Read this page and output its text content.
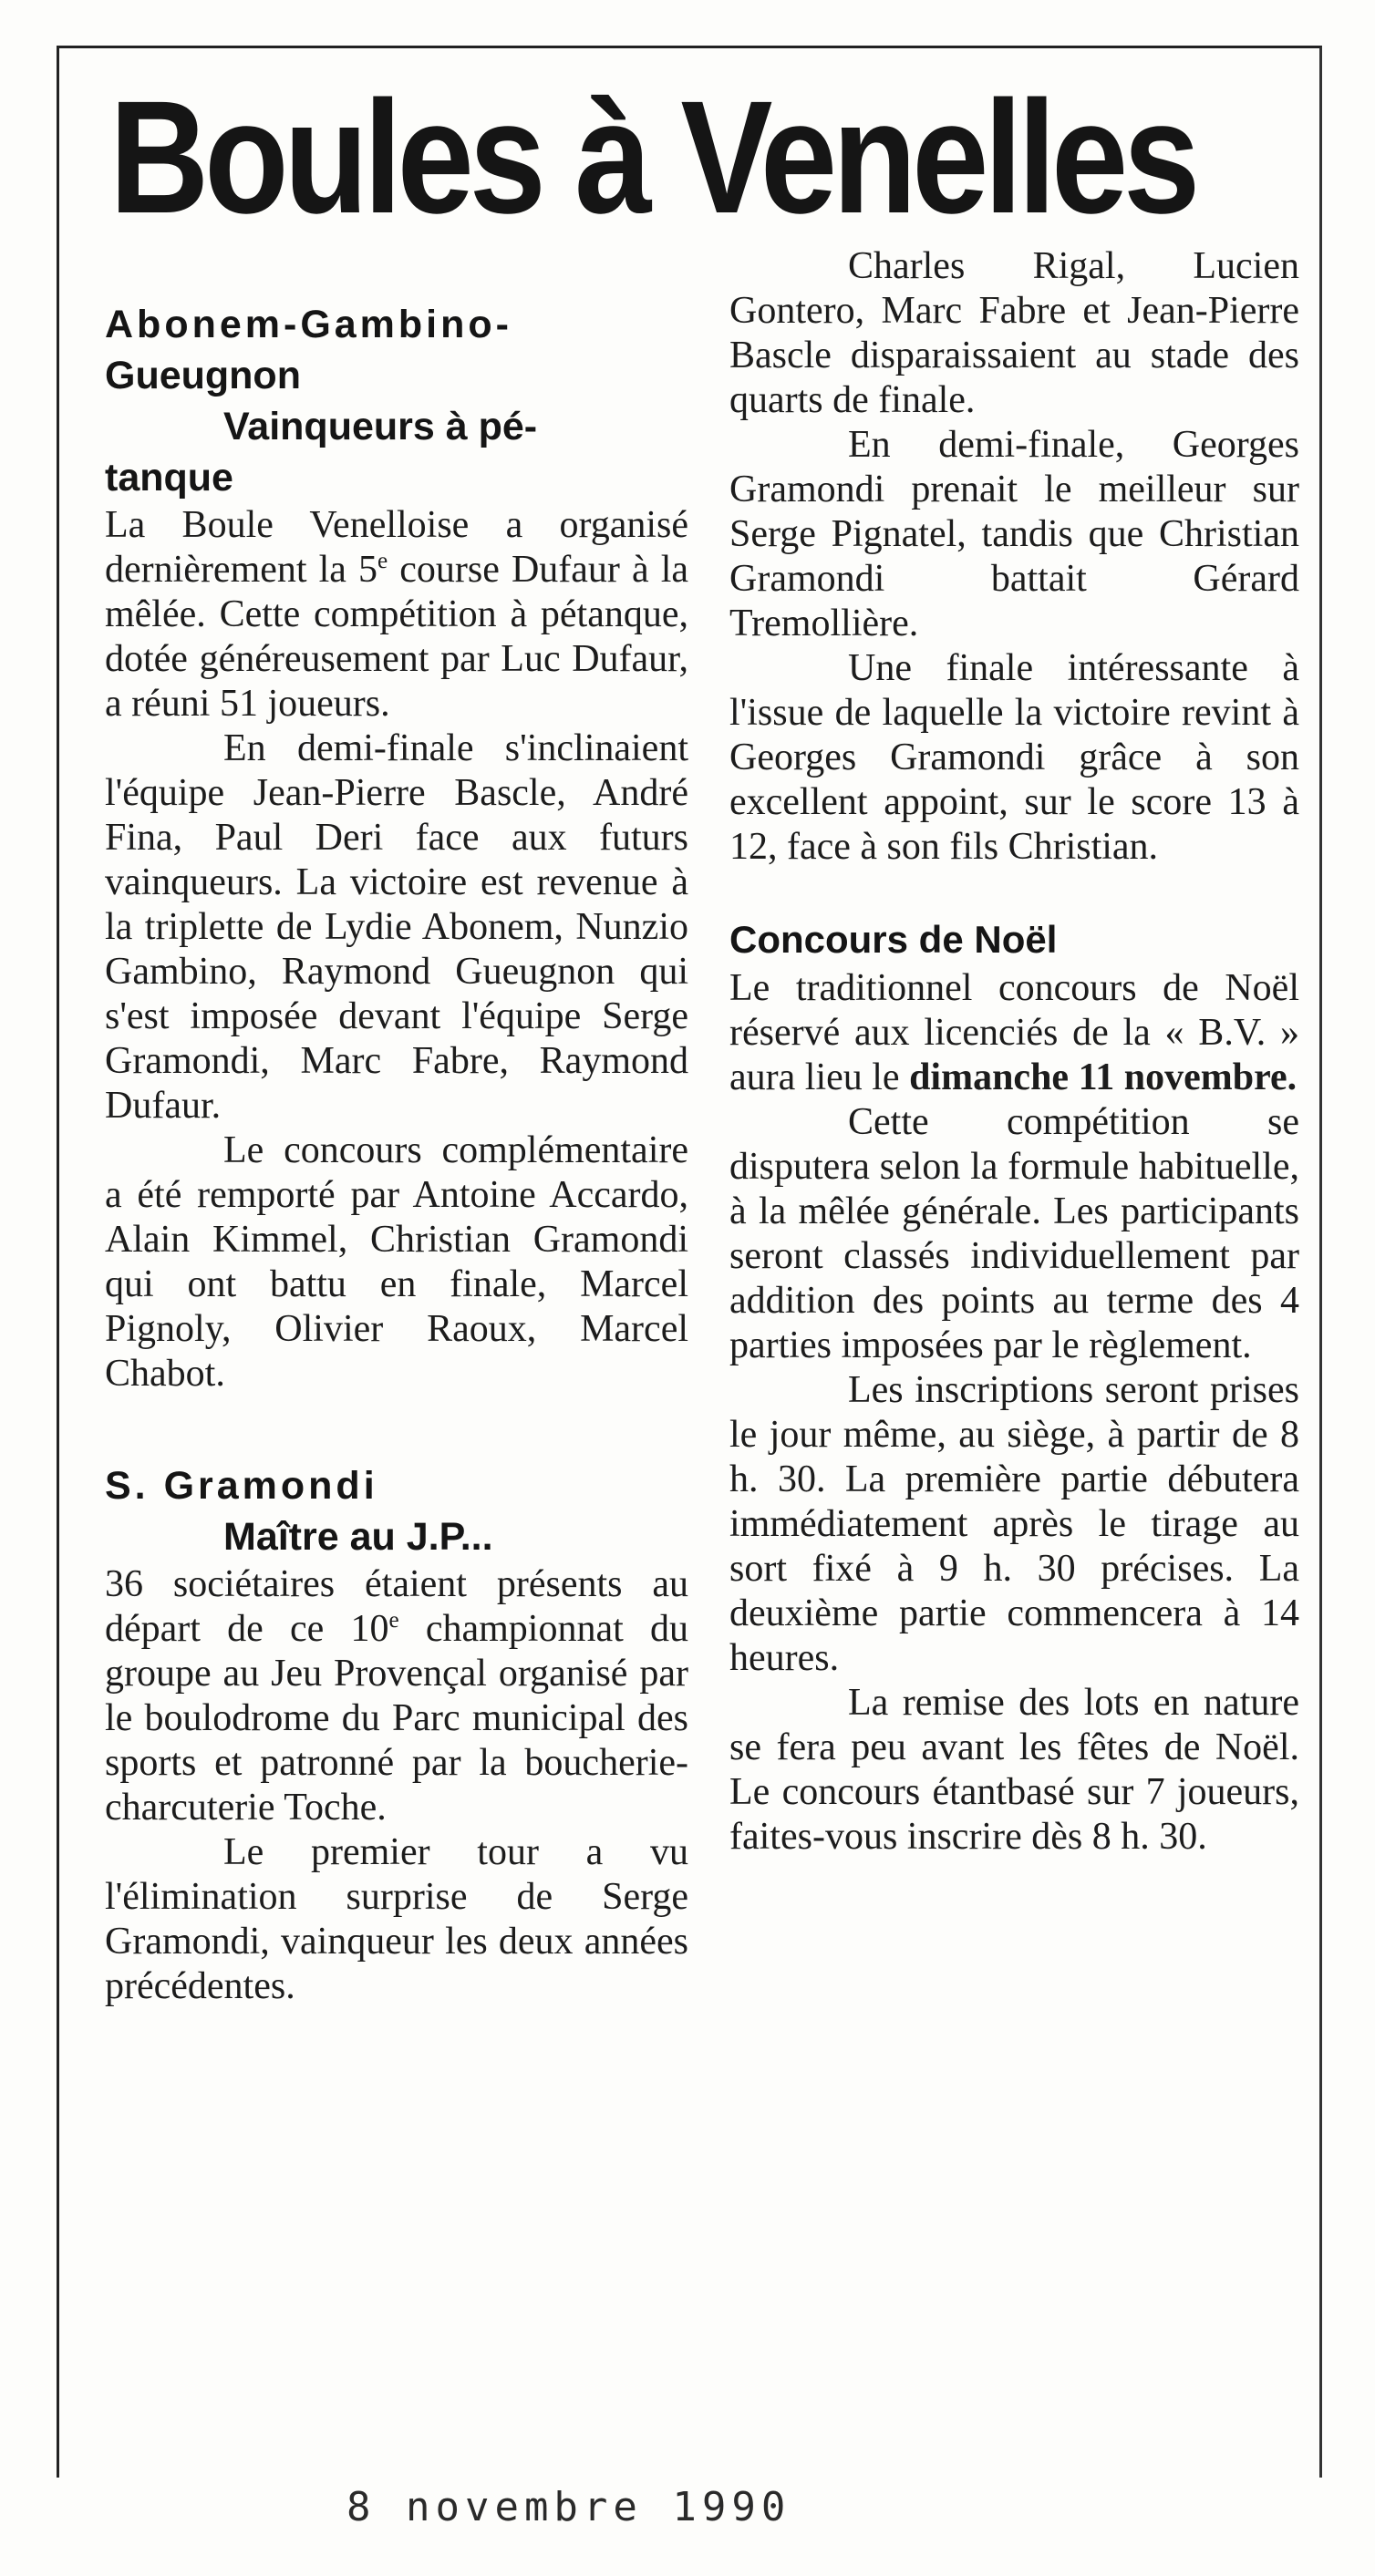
Boules à Venelles
Abonem-Gambino-
Gueugnon
Vainqueurs à pé-
tanque

La Boule Venelloise a organisé dernièrement la 5e course Dufaur à la mêlée. Cette compétition à pétanque, dotée généreusement par Luc Dufaur, a réuni 51 joueurs.

En demi-finale s'inclinaient l'équipe Jean-Pierre Bascle, André Fina, Paul Deri face aux futurs vainqueurs. La victoire est revenue à la triplette de Lydie Abonem, Nunzio Gambino, Raymond Gueugnon qui s'est imposée devant l'équipe Serge Gramondi, Marc Fabre, Raymond Dufaur.

Le concours complémentaire a été remporté par Antoine Accardo, Alain Kimmel, Christian Gramondi qui ont battu en finale, Marcel Pignoly, Olivier Raoux, Marcel Chabot.

S. Gramondi
Maître au J.P...

36 sociétaires étaient présents au départ de ce 10e championnat du groupe au Jeu Provençal organisé par le boulodrome du Parc municipal des sports et patronné par la boucherie-charcuterie Toche.

Le premier tour a vu l'élimination surprise de Serge Gramondi, vainqueur les deux années précédentes.

Charles Rigal, Lucien Gontero, Marc Fabre et Jean-Pierre Bascle disparaissaient au stade des quarts de finale.

En demi-finale, Georges Gramondi prenait le meilleur sur Serge Pignatel, tandis que Christian Gramondi battait Gérard Tremollière.

Une finale intéressante à l'issue de laquelle la victoire revint à Georges Gramondi grâce à son excellent appoint, sur le score 13 à 12, face à son fils Christian.

Concours de Noël

Le traditionnel concours de Noël réservé aux licenciés de la « B.V. » aura lieu le dimanche 11 novembre.

Cette compétition se disputera selon la formule habituelle, à la mêlée générale. Les participants seront classés individuellement par addition des points au terme des 4 parties imposées par le règlement.

Les inscriptions seront prises le jour même, au siège, à partir de 8 h. 30. La première partie débutera immédiatement après le tirage au sort fixé à 9 h. 30 précises. La deuxième partie commencera à 14 heures.

La remise des lots en nature se fera peu avant les fêtes de Noël. Le concours étantbasé sur 7 joueurs, faites-vous inscrire dès 8 h. 30.

8 novembre 1990
